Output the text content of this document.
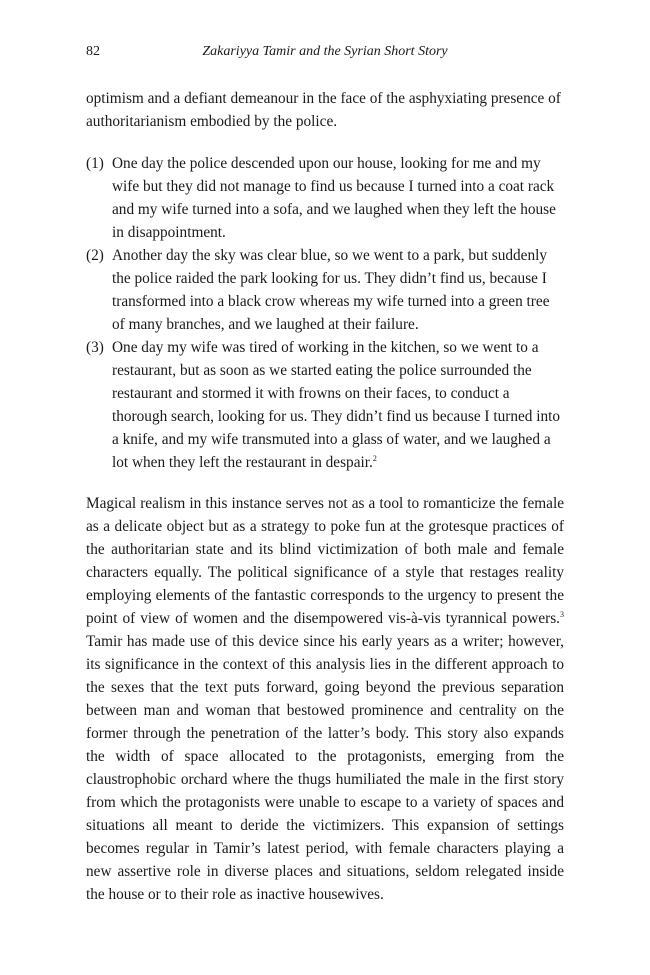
82	Zakariyya Tamir and the Syrian Short Story

optimism and a defiant demeanour in the face of the asphyxiating presence of authoritarianism embodied by the police.

(1) One day the police descended upon our house, looking for me and my wife but they did not manage to find us because I turned into a coat rack and my wife turned into a sofa, and we laughed when they left the house in disappointment.
(2) Another day the sky was clear blue, so we went to a park, but suddenly the police raided the park looking for us. They didn’t find us, because I transformed into a black crow whereas my wife turned into a green tree of many branches, and we laughed at their failure.
(3) One day my wife was tired of working in the kitchen, so we went to a restaurant, but as soon as we started eating the police surrounded the restaurant and stormed it with frowns on their faces, to conduct a thorough search, looking for us. They didn’t find us because I turned into a knife, and my wife transmuted into a glass of water, and we laughed a lot when they left the restaurant in despair.$^2$

Magical realism in this instance serves not as a tool to romanticize the female as a delicate object but as a strategy to poke fun at the grotesque practices of the authoritarian state and its blind victimization of both male and female characters equally. The political significance of a style that restages reality employing elements of the fantastic corresponds to the urgency to present the point of view of women and the disempowered vis-à-vis tyrannical powers.$^3$ Tamir has made use of this device since his early years as a writer; however, its significance in the context of this analysis lies in the different approach to the sexes that the text puts forward, going beyond the previous separation between man and woman that bestowed prominence and centrality on the former through the penetration of the latter’s body. This story also expands the width of space allocated to the protagonists, emerging from the claustrophobic orchard where the thugs humiliated the male in the first story from which the protagonists were unable to escape to a variety of spaces and situations all meant to deride the victimizers. This expansion of settings becomes regular in Tamir’s latest period, with female characters playing a new assertive role in diverse places and situations, seldom relegated inside the house or to their role as inactive housewives.
